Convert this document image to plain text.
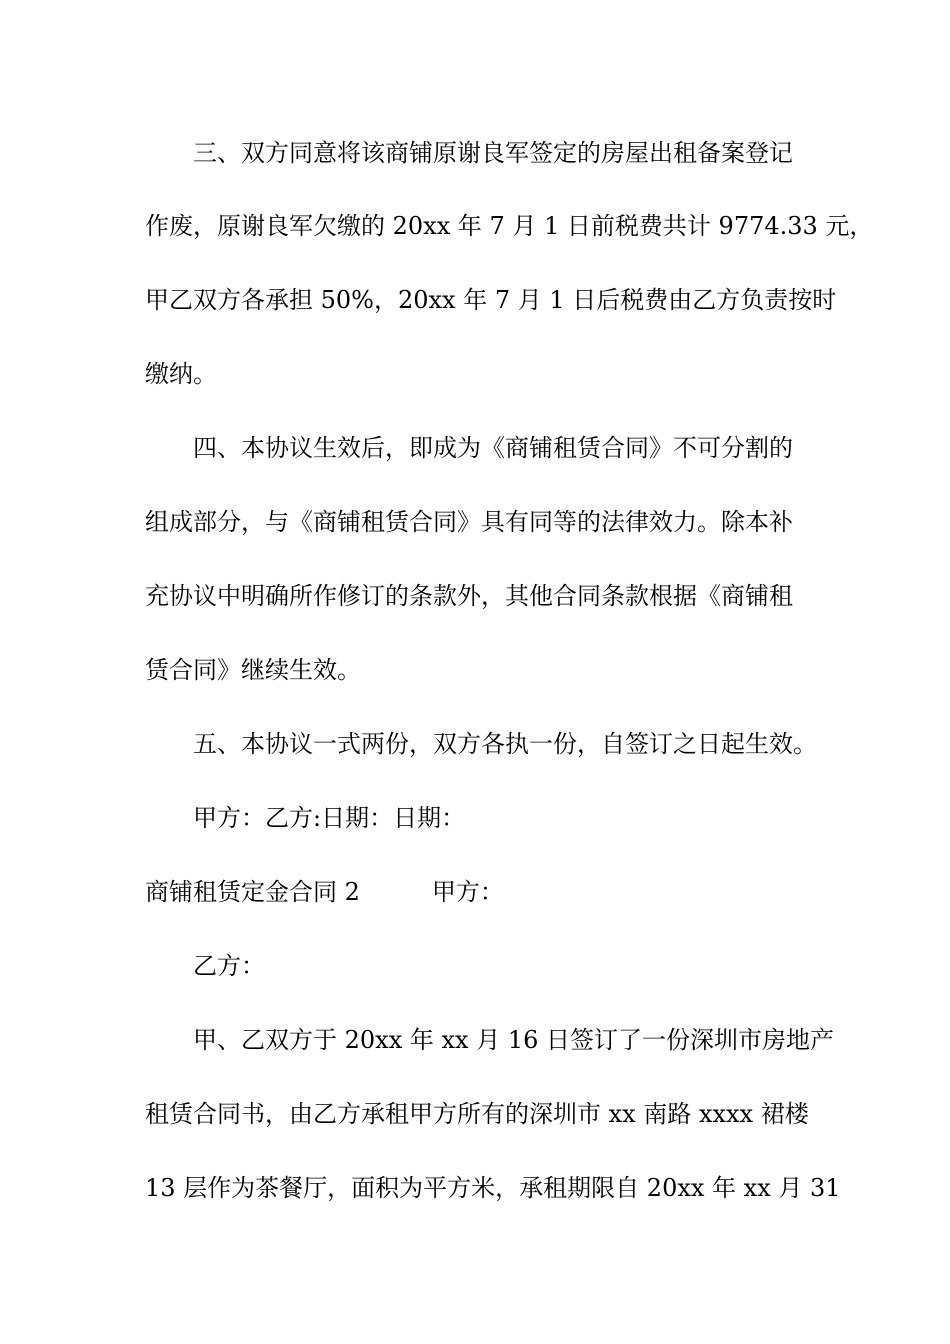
三、双方同意将该商铺原谢良军签定的房屋出租备案登记
作废，原谢良军欠缴的 20xx 年 7 月 1 日前税费共计 9774.33 元，
甲乙双方各承担 50%，20xx 年 7 月 1 日后税费由乙方负责按时
缴纳。
四、本协议生效后，即成为《商铺租赁合同》不可分割的
组成部分，与《商铺租赁合同》具有同等的法律效力。除本补
充协议中明确所作修订的条款外，其他合同条款根据《商铺租
赁合同》继续生效。
五、本协议一式两份，双方各执一份，自签订之日起生效。
甲方：乙方:日期：日期：
商铺租赁定金合同 2　　　甲方：
乙方：
甲、乙双方于 20xx 年 xx 月 16 日签订了一份深圳市房地产
租赁合同书，由乙方承租甲方所有的深圳市 xx 南路 xxxx 裙楼
13 层作为茶餐厅，面积为平方米，承租期限自 20xx 年 xx 月 31
